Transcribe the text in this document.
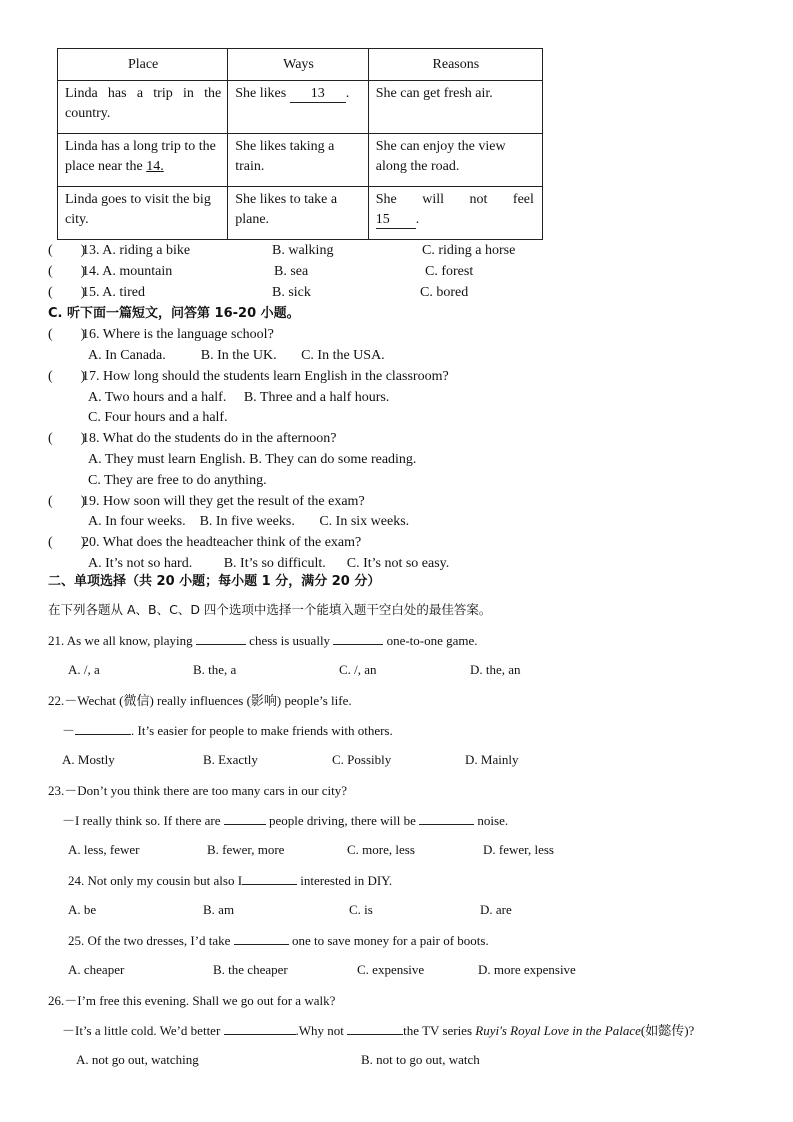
Place	Ways	Reasons
Linda has a trip in the country.	She likes 13 .	She can get fresh air.
Linda has a long trip to the place near the 14.	She likes taking a train.	She can enjoy the view along the road.
Linda goes to visit the big city.	She likes to take a plane.	She will not feel
15 .
(        )
13. A. riding a bike	B. walking	C. riding a horse
(        )
14. A. mountain	B. sea	C. forest
(        )
15. A. tired	B. sick	C. bored
C. 听下面一篇短文，问答第 16-20 小题。
(        )
16. Where is the language school?
A. In Canada.          B. In the UK.       C. In the USA.
(        )
17. How long should the students learn English in the classroom?
A. Two hours and a half.     B. Three and a half hours.
C. Four hours and a half.
(        )
18. What do the students do in the afternoon?
A. They must learn English. B. They can do some reading.
C. They are free to do anything.
(        )
19. How soon will they get the result of the exam?
A. In four weeks.    B. In five weeks.       C. In six weeks.
(        )
20. What does the headteacher think of the exam?
A. It’s not so hard.         B. It’s so difficult.      C. It’s not so easy.
二、单项选择（共 20 小题；每小题 1 分，满分 20 分）
在下列各题从 A、B、C、D 四个选项中选择一个能填入题干空白处的最佳答案。
21. As we all know, playing	chess is usually	one-to-one game.
A. /, a	B. the, a	C. /, an	D. the, an
22.－Wechat (微信) really influences (影响) people’s life.
－	. It’s easier for people to make friends with others.
A. Mostly	B. Exactly	C. Possibly	D. Mainly
23.－Don’t you think there are too many cars in our city?
－I really think so. If there are	people driving, there will be	noise.
A. less, fewer	B. fewer, more	C. more, less	D. fewer, less
24. Not only my cousin but also I	interested in DIY.
A. be	B. am	C. is	D. are
25. Of the two dresses, I’d take	one to save money for a pair of boots.
A. cheaper	B. the cheaper	C. expensive	D. more expensive
26.－I’m free this evening. Shall we go out for a walk?
－It’s a little cold. We’d better	.Why not	the TV series Ruyi's Royal Love in the Palace(如懿传)?
A. not go out, watching	B. not to go out, watch
